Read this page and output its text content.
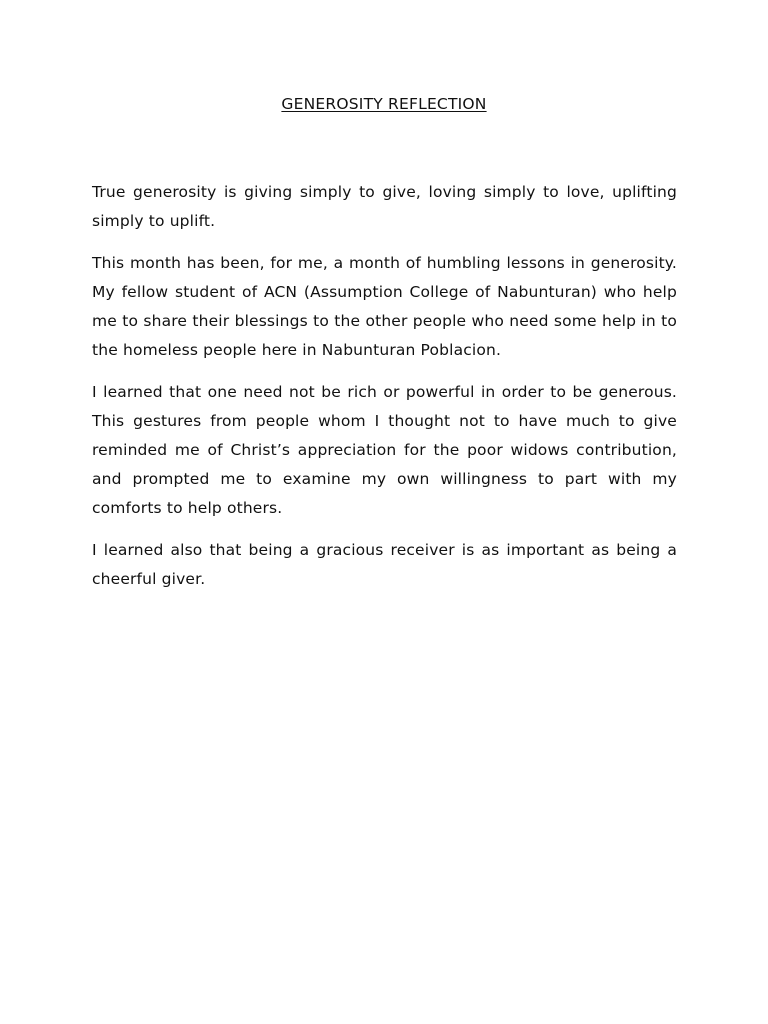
GENEROSITY REFLECTION

True generosity is giving simply to give, loving simply to love, uplifting simply to uplift.

This month has been, for me, a month of humbling lessons in generosity. My fellow student of ACN (Assumption College of Nabunturan) who help me to share their blessings to the other people who need some help in to the homeless people here in Nabunturan Poblacion.

I learned that one need not be rich or powerful in order to be generous. This gestures from people whom I thought not to have much to give reminded me of Christ’s appreciation for the poor widows contribution, and prompted me to examine my own willingness to part with my comforts to help others.

I learned also that being a gracious receiver is as important as being a cheerful giver.
